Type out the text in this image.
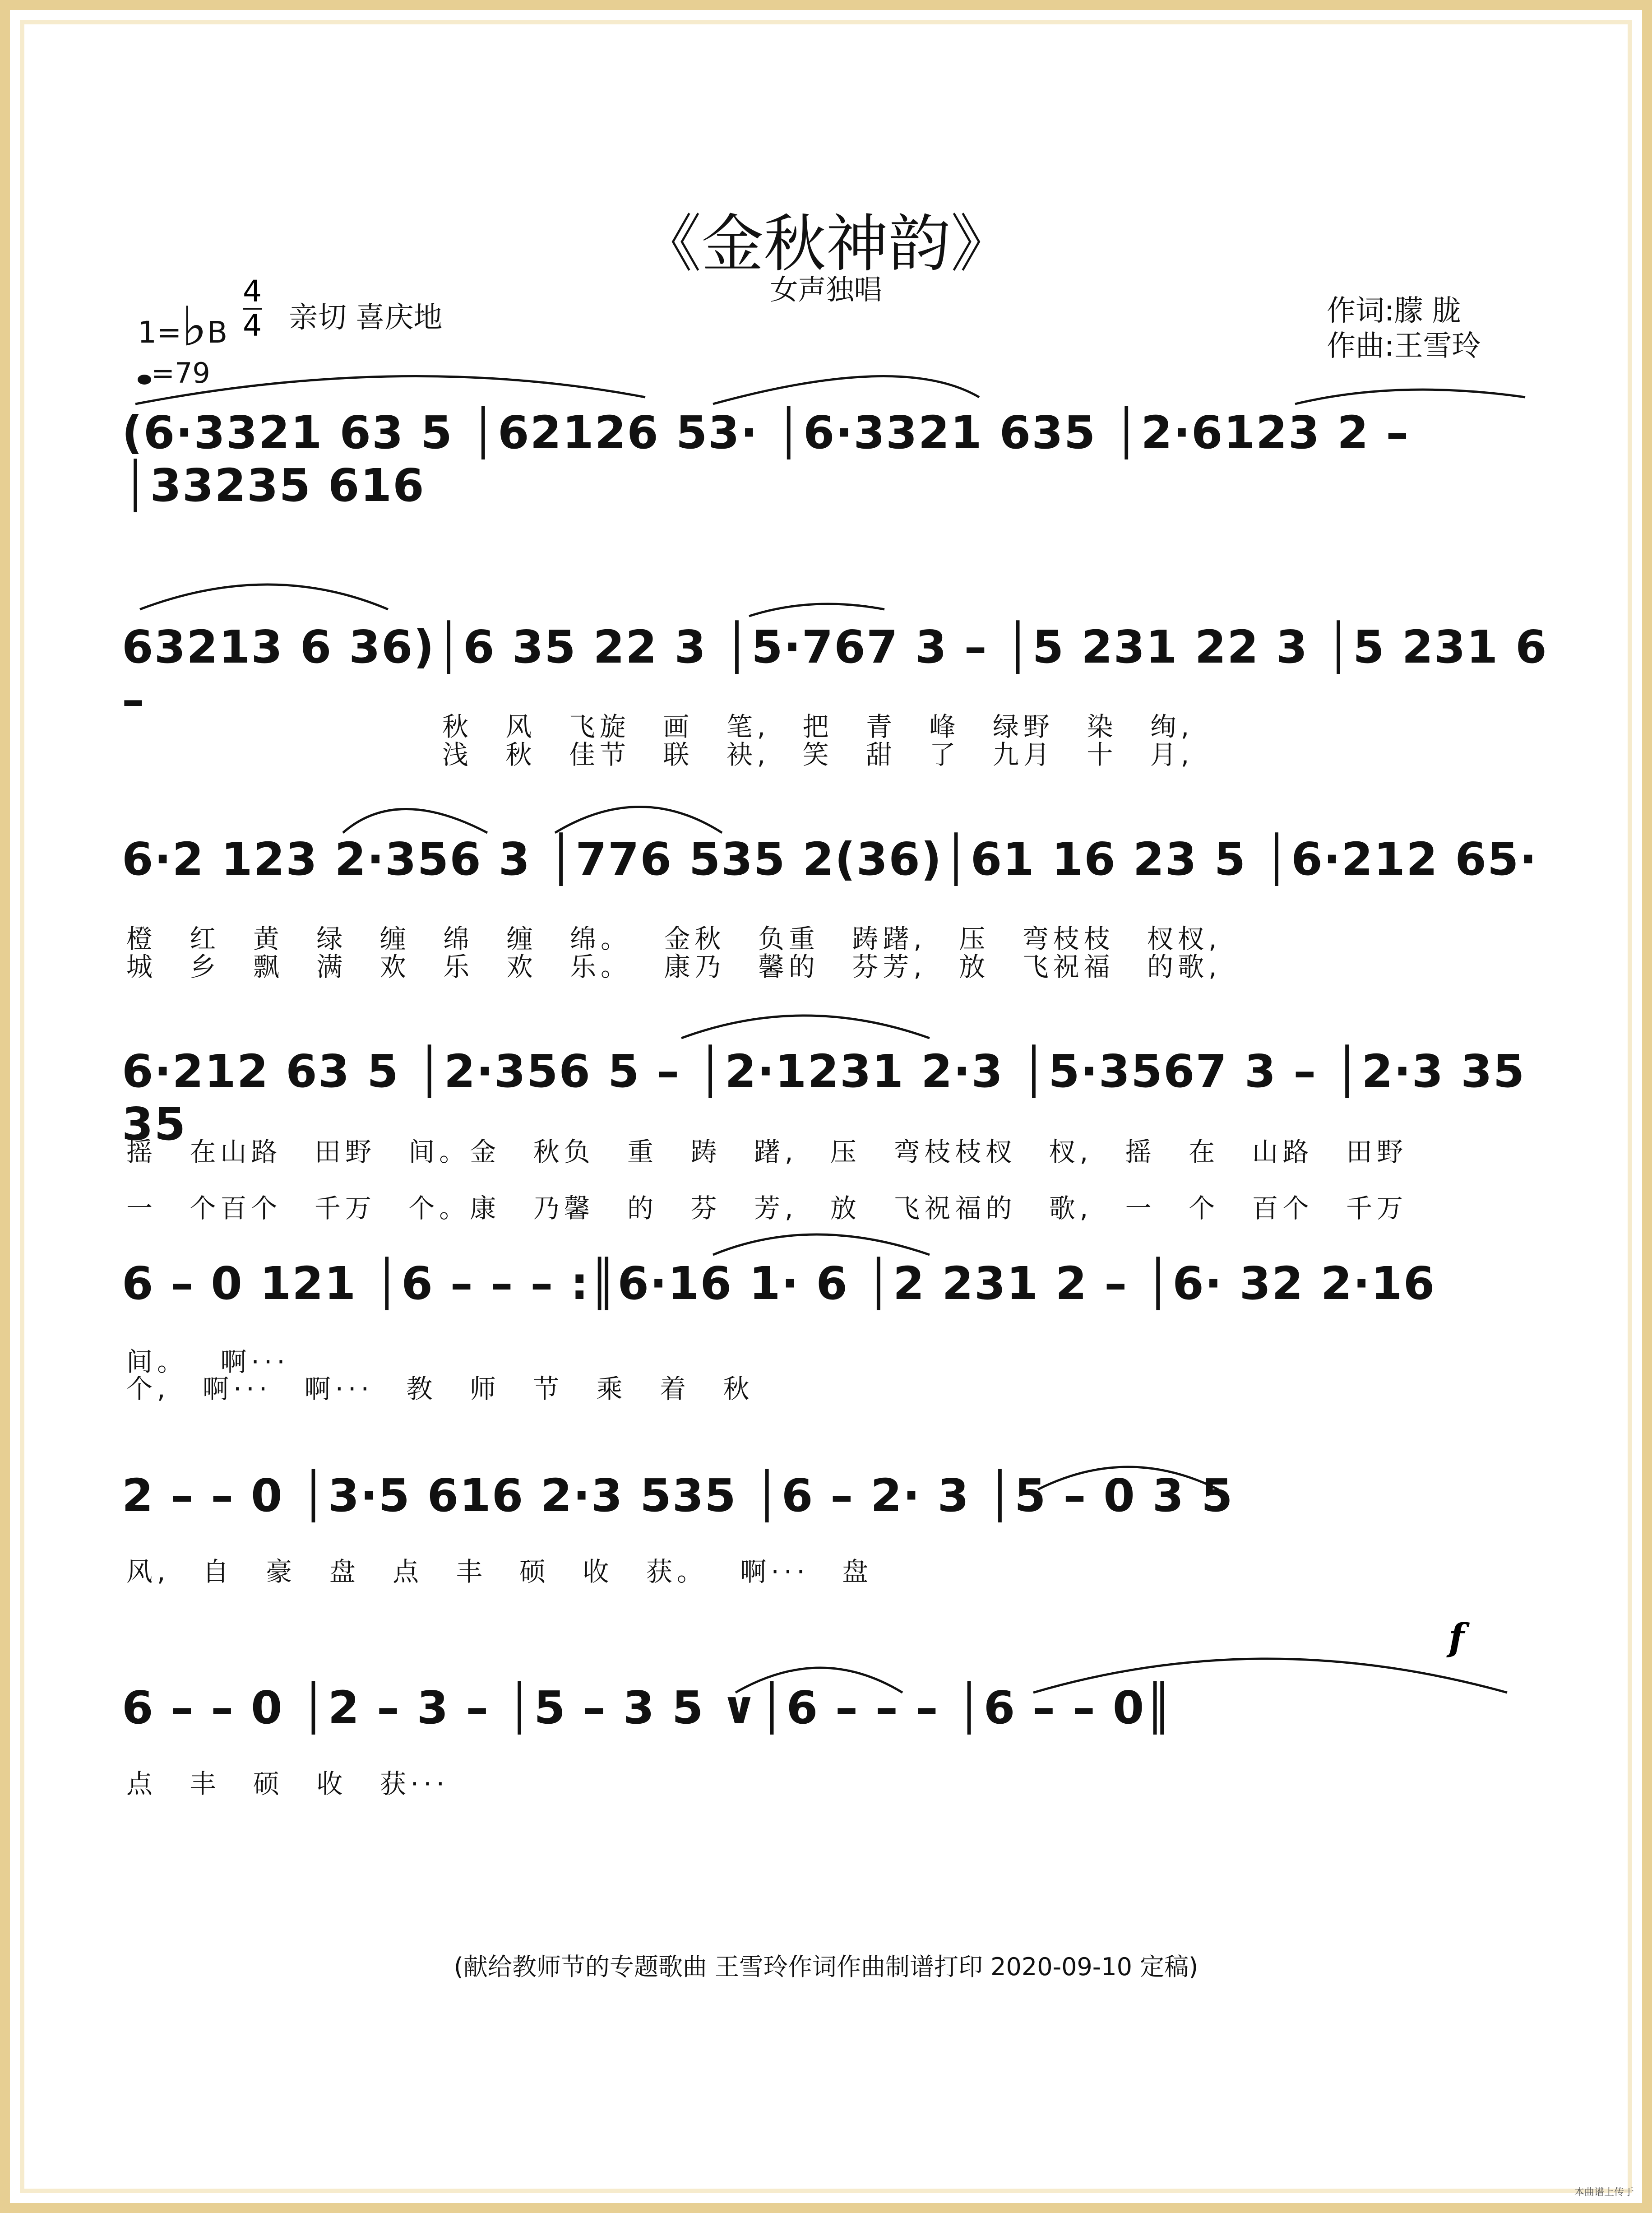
《金秋神韵》
女声独唱
1=♭B $\frac{4}{4}$ 亲切 喜庆地
=79
作词:朦 胧
作曲:王雪玲
(6·3321 63 5 │62126 53· │6·3321 635 │2·6123 2 – │33235 616
63213 6 36)│6 35 22 3 │5·767 3 – │5 231 22 3 │5 231 6 –
秋 风 飞旋 画 笔, 把 青 峰 绿野 染 绚,
浅 秋 佳节 联 袂, 笑 甜 了 九月 十 月,
6·2 123 2·356 3 │776 535 2(36)│61 16 23 5 │6·212 65·
橙 红 黄 绿 缠 绵 缠 绵。 金秋 负重 踌躇, 压 弯枝枝 杈杈,
城 乡 飘 满 欢 乐 欢 乐。 康乃 馨的 芬芳, 放 飞祝福 的歌,
6·212 63 5 │2·356 5 – │2·1231 2·3 │5·3567 3 – │2·3 35 35
摇 在山路 田野 间。金 秋负 重 踌 躇, 压 弯枝枝杈 杈, 摇 在 山路 田野
一 个百个 千万 个。康 乃馨 的 芬 芳, 放 飞祝福的 歌, 一 个 百个 千万
6 – 0 121 │6 – – – :║6·16 1· 6 │2 231 2 – │6· 32 2·16
间。 啊···
个, 啊··· 啊··· 教 师 节 乘 着 秋
2 – – 0 │3·5 616 2·3 535 │6 – 2· 3 │5 – 0 3 5
风, 自 豪 盘 点 丰 硕 收 获。 啊··· 盘
f
6 – – 0 │2 – 3 – │5 – 3 5 ∨│6 – – – │6 – – 0║
点 丰 硕 收 获···
(献给教师节的专题歌曲 王雪玲作词作曲制谱打印 2020-09-10 定稿)
本曲谱上传于
